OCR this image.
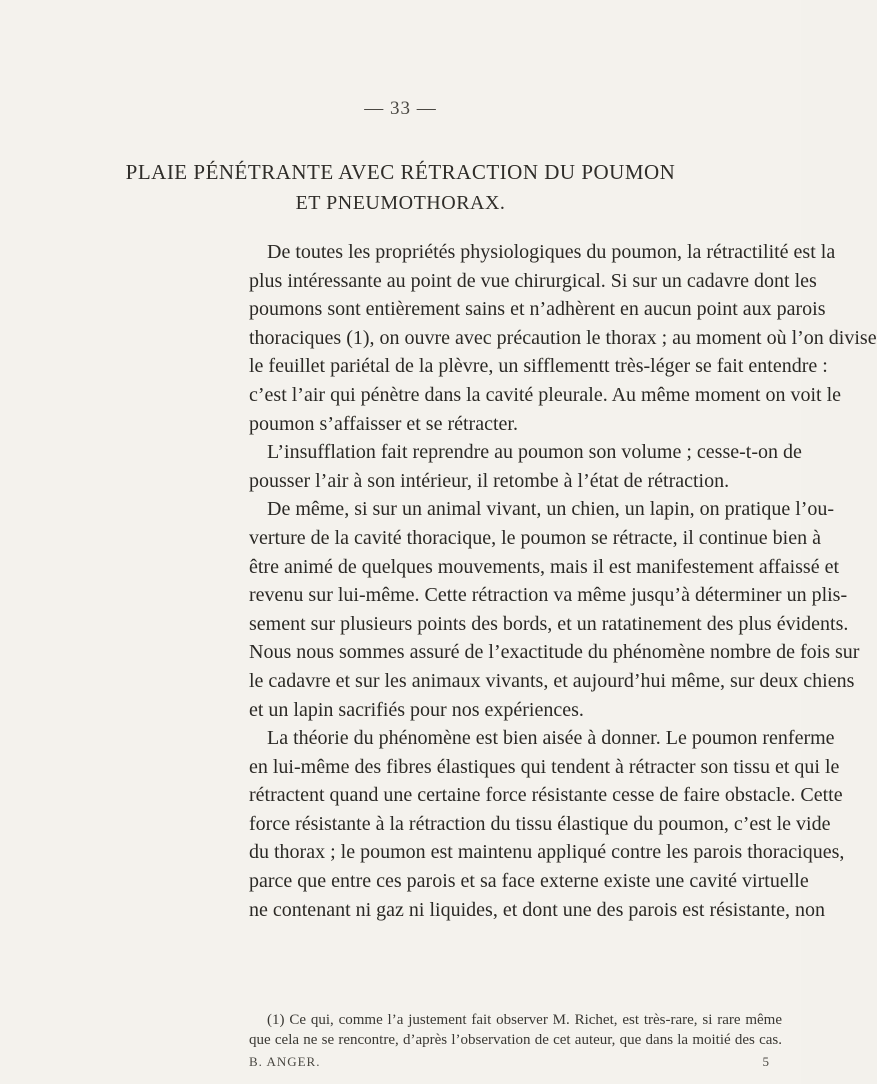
— 33 —
PLAIE PÉNÉTRANTE AVEC RÉTRACTION DU POUMON
ET PNEUMOTHORAX.
De toutes les propriétés physiologiques du poumon, la rétractilité est la
plus intéressante au point de vue chirurgical. Si sur un cadavre dont les
poumons sont entièrement sains et n’adhèrent en aucun point aux parois
thoraciques (1), on ouvre avec précaution le thorax ; au moment où l’on divise
le feuillet pariétal de la plèvre, un sifflementt très-léger se fait entendre :
c’est l’air qui pénètre dans la cavité pleurale. Au même moment on voit le
poumon s’affaisser et se rétracter.
L’insufflation fait reprendre au poumon son volume ; cesse-t-on de
pousser l’air à son intérieur, il retombe à l’état de rétraction.
De même, si sur un animal vivant, un chien, un lapin, on pratique l’ou-
verture de la cavité thoracique, le poumon se rétracte, il continue bien à
être animé de quelques mouvements, mais il est manifestement affaissé et
revenu sur lui-même. Cette rétraction va même jusqu’à déterminer un plis-
sement sur plusieurs points des bords, et un ratatinement des plus évidents.
Nous nous sommes assuré de l’exactitude du phénomène nombre de fois sur
le cadavre et sur les animaux vivants, et aujourd’hui même, sur deux chiens
et un lapin sacrifiés pour nos expériences.
La théorie du phénomène est bien aisée à donner. Le poumon renferme
en lui-même des fibres élastiques qui tendent à rétracter son tissu et qui le
rétractent quand une certaine force résistante cesse de faire obstacle. Cette
force résistante à la rétraction du tissu élastique du poumon, c’est le vide
du thorax ; le poumon est maintenu appliqué contre les parois thoraciques,
parce que entre ces parois et sa face externe existe une cavité virtuelle
ne contenant ni gaz ni liquides, et dont une des parois est résistante, non
(1) Ce qui, comme l’a justement fait observer M. Richet, est très-rare, si rare même
que cela ne se rencontre, d’après l’observation de cet auteur, que dans la moitié des cas.
B. ANGER.	5
